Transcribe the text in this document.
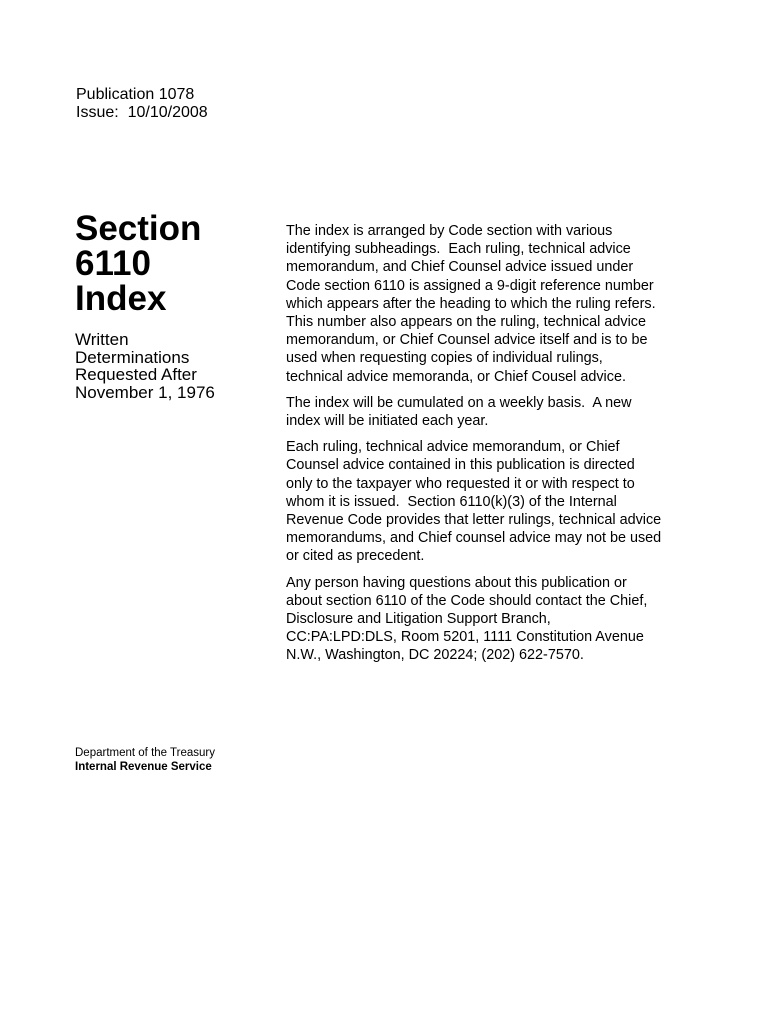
Publication 1078
Issue:  10/10/2008
Section
6110
Index
Written
Determinations
Requested After
November 1, 1976

The index is arranged by Code section with various
identifying subheadings.  Each ruling, technical advice
memorandum, and Chief Counsel advice issued under
Code section 6110 is assigned a 9-digit reference number
which appears after the heading to which the ruling refers.
This number also appears on the ruling, technical advice
memorandum, or Chief Counsel advice itself and is to be
used when requesting copies of individual rulings,
technical advice memoranda, or Chief Cousel advice.

The index will be cumulated on a weekly basis.  A new
index will be initiated each year.

Each ruling, technical advice memorandum, or Chief
Counsel advice contained in this publication is directed
only to the taxpayer who requested it or with respect to
whom it is issued.  Section 6110(k)(3) of the Internal
Revenue Code provides that letter rulings, technical advice
memorandums, and Chief counsel advice may not be used
or cited as precedent.

Any person having questions about this publication or
about section 6110 of the Code should contact the Chief,
Disclosure and Litigation Support Branch,
CC:PA:LPD:DLS, Room 5201, 1111 Constitution Avenue
N.W., Washington, DC 20224; (202) 622-7570.

Department of the Treasury
Internal Revenue Service
